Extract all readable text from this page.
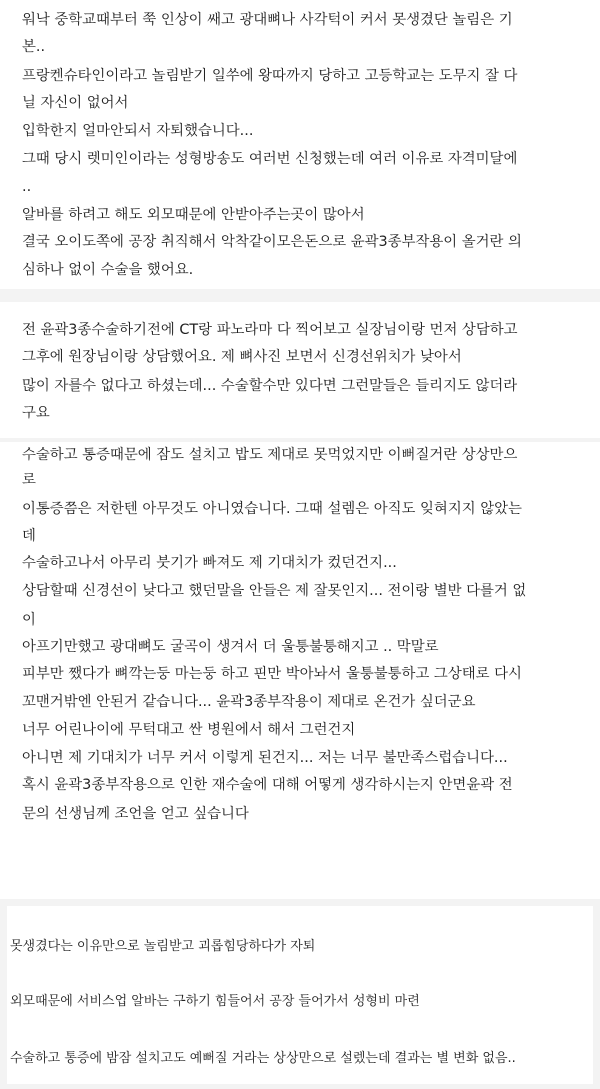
워낙 중학교때부터 쭉 인상이 쌔고 광대뼈나 사각턱이 커서 못생겼단 놀림은 기
본..
프랑켄슈타인이라고 놀림받기 일쑤에 왕따까지 당하고 고등학교는 도무지 잘 다
닐 자신이 없어서
입학한지 얼마안되서 자퇴했습니다...
그때 당시 렛미인이라는 성형방송도 여러번 신청했는데 여러 이유로 자격미달에
..
알바를 하려고 해도 외모때문에 안받아주는곳이 많아서
결국 오이도쪽에 공장 취직해서 악착같이모은돈으로 윤곽3종부작용이 올거란 의
심하나 없이 수술을 했어요.
전 윤곽3종수술하기전에 CT랑 파노라마 다 찍어보고 실장님이랑 먼저 상담하고
그후에 원장님이랑 상담했어요. 제 뼈사진 보면서 신경선위치가 낮아서
많이 자를수 없다고 하셨는데... 수술할수만 있다면 그런말들은 들리지도 않더라
구요
수술하고 통증때문에 잠도 설치고 밥도 제대로 못먹었지만 이뻐질거란 상상만으
로
이통증쯤은 저한텐 아무것도 아니였습니다. 그때 설렘은 아직도 잊혀지지 않았는
데
수술하고나서 아무리 붓기가 빠져도 제 기대치가 컸던건지...
상담할때 신경선이 낮다고 했던말을 안들은 제 잘못인지... 전이랑 별반 다를거 없
이
아프기만했고 광대뼈도 굴곡이 생겨서 더 울퉁불퉁해지고 .. 막말로
피부만 쨌다가 뼈깍는둥 마는둥 하고 핀만 박아놔서 울퉁불퉁하고 그상태로 다시
꼬맨거밖엔 안된거 같습니다... 윤곽3종부작용이 제대로 온건가 싶더군요
너무 어린나이에 무턱대고 싼 병원에서 해서 그런건지
아니면 제 기대치가 너무 커서 이렇게 된건지... 저는 너무 불만족스럽습니다...
혹시 윤곽3종부작용으로 인한 재수술에 대해 어떻게 생각하시는지 안면윤곽 전
문의 선생님께 조언을 얻고 싶습니다
못생겼다는 이유만으로 놀림받고 괴롭힘당하다가 자퇴
외모때문에 서비스업 알바는 구하기 힘들어서 공장 들어가서 성형비 마련
수술하고 통증에 밤잠 설치고도 예뻐질 거라는 상상만으로 설렜는데 결과는 별 변화 없음..
